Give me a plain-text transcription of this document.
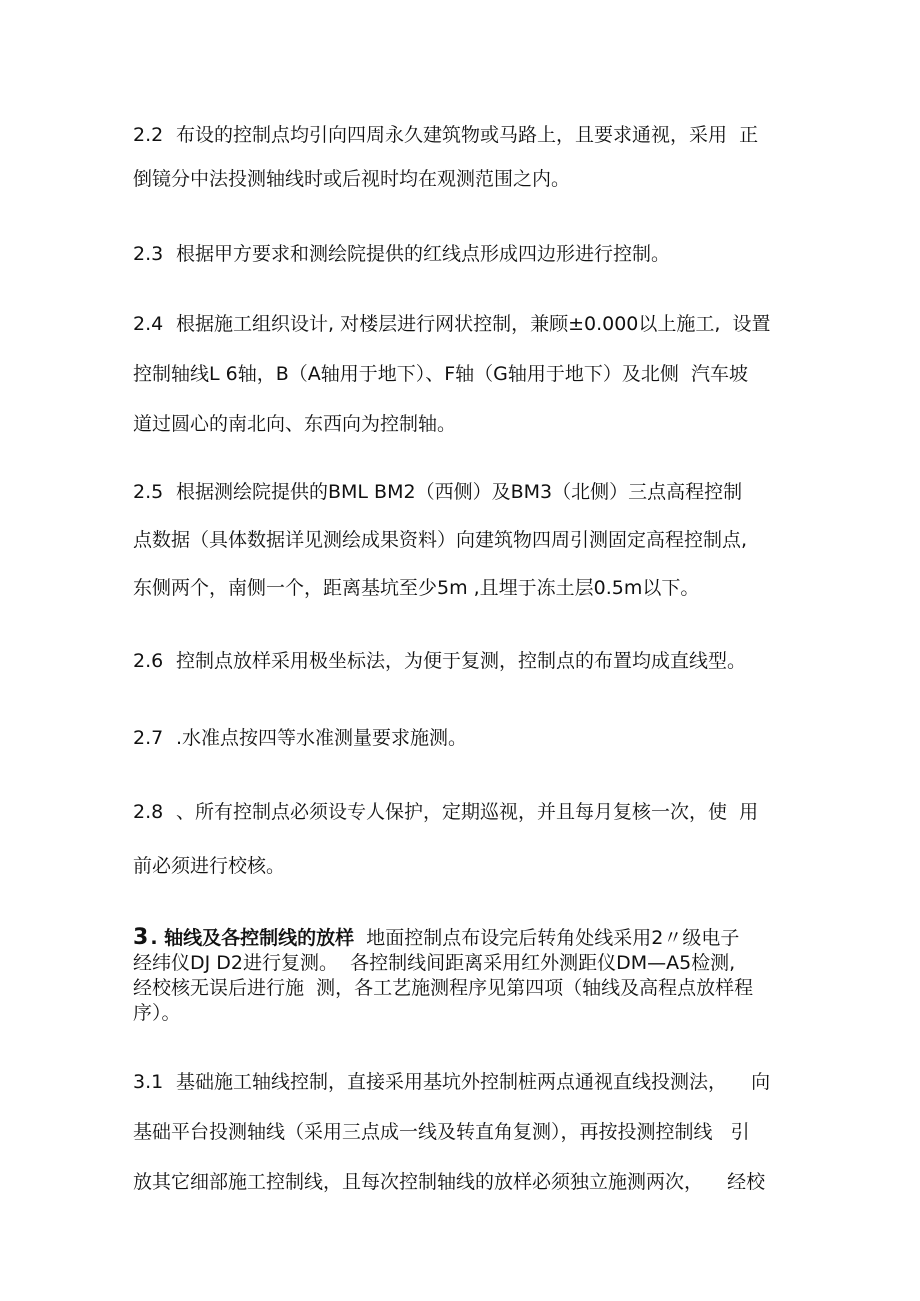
2.2 布设的控制点均引向四周永久建筑物或马路上，且要求通视，采用  正
倒镜分中法投测轴线时或后视时均在观测范围之内。
2.3 根据甲方要求和测绘院提供的红线点形成四边形进行控制。
2.4 根据施工组织设计, 对楼层进行网状控制，兼顾±0.000以上施工,  设置
控制轴线L 6轴，B（A轴用于地下）、F轴（G轴用于地下）及北侧  汽车坡
道过圆心的南北向、东西向为控制轴。
2.5 根据测绘院提供的BML BM2（西侧）及BM3（北侧）三点高程控制
点数据（具体数据详见测绘成果资料）向建筑物四周引测固定高程控制点,
东侧两个，南侧一个，距离基坑至少5m ,且埋于冻土层0.5m以下。
2.6 控制点放样采用极坐标法，为便于复测，控制点的布置均成直线型。
2.7 .水准点按四等水准测量要求施测。
2.8 、所有控制点必须设专人保护，定期巡视，并且每月复核一次，使  用
前必须进行校核。
3. 轴线及各控制线的放样 地面控制点布设完后转角处线采用2〃级电子
经纬仪DJ D2进行复测。  各控制线间距离采用红外测距仪DM—A5检测,
经校核无误后进行施  测，各工艺施测程序见第四项（轴线及高程点放样程
序）。
3.1 基础施工轴线控制，直接采用基坑外控制桩两点通视直线投测法，    向
基础平台投测轴线（采用三点成一线及转直角复测），再按投测控制线   引
放其它细部施工控制线，且每次控制轴线的放样必须独立施测两次，    经校
